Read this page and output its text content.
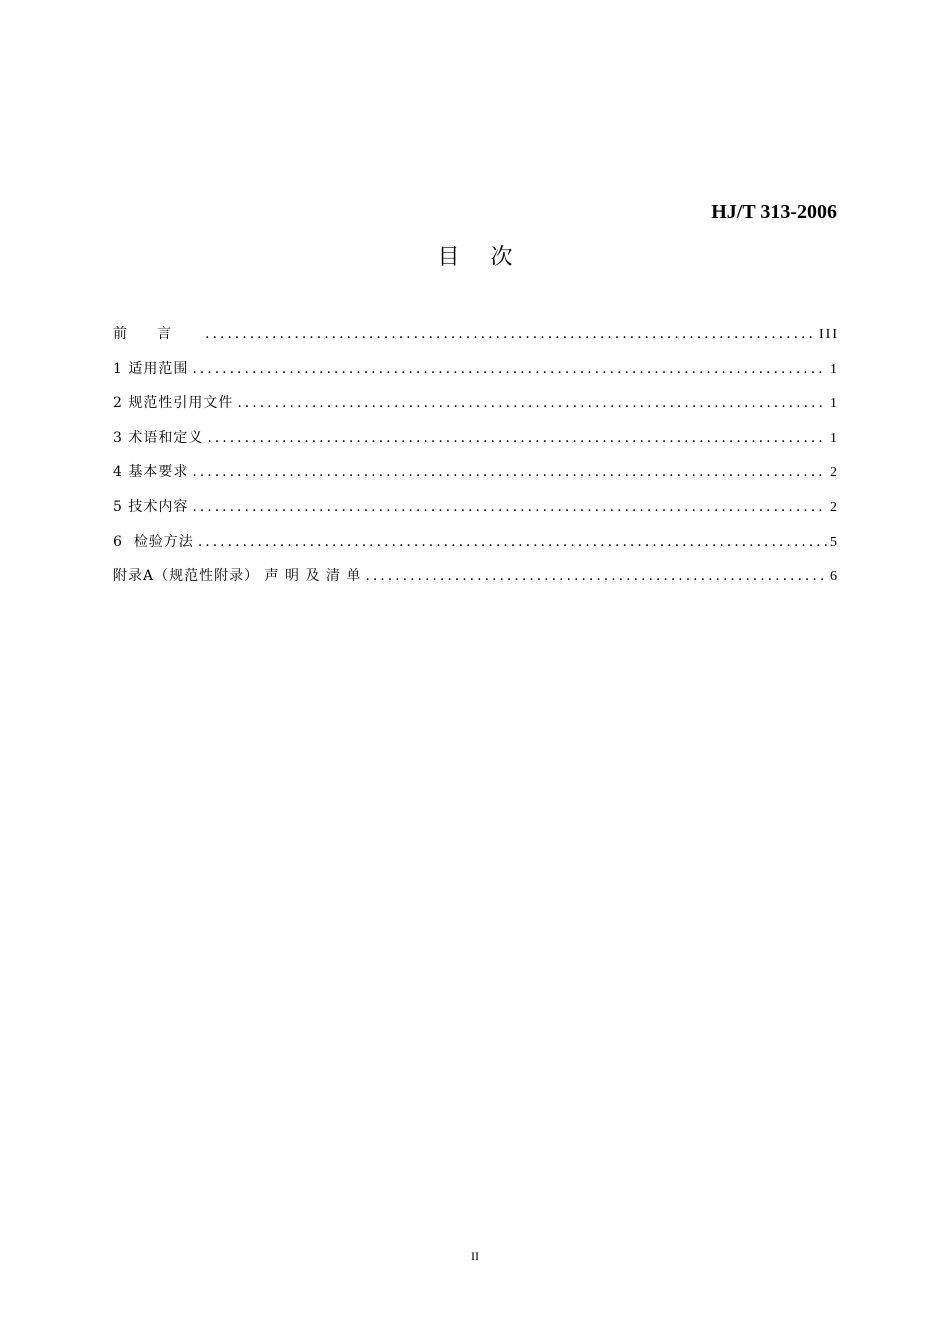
HJ/T 313-2006
目 次
前言 .....	III
1 适用范围 .....	1
2 规范性引用文件 .....	1
3 术语和定义 .....	1
4 基本要求 .....	2
5 技术内容 .....	2
6  检验方法 .....	5
附录A（规范性附录） 声 明 及 清 单 .....	6
II
